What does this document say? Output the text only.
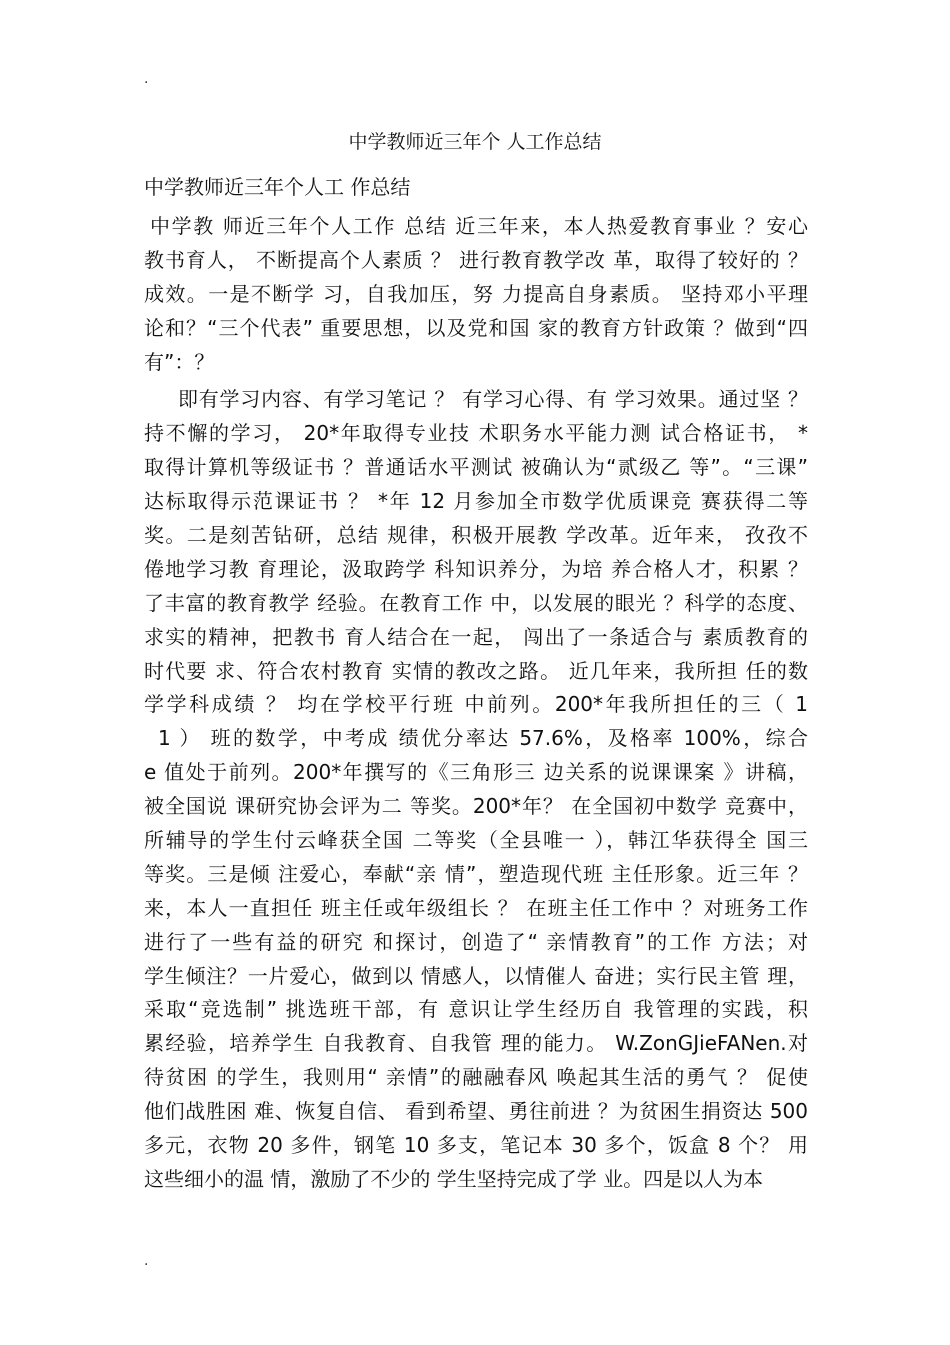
.
中学教师近三年个 人工作总结
中学教师近三年个人工 作总结
中学教 师近三年个人工作 总结 近三年来，本人热爱教育事业 ？安心
教书育人， 不断提高个人素质 ？ 进行教育教学改 革，取得了较好的 ？
成效。一是不断学 习，自我加压，努 力提高自身素质。 坚持邓小平理
论和？“三个代表” 重要思想，以及党和国 家的教育方针政策 ？做到“四
有”：？
即有学习内容、有学习笔记 ？ 有学习心得、有 学习效果。通过坚 ？
持不懈的学习， 20*年取得专业技 术职务水平能力测 试合格证书， *
取得计算机等级证书 ？普通话水平测试 被确认为“贰级乙 等”。“三课”
达标取得示范课证书 ？ *年 12 月参加全市数学优质课竞 赛获得二等
奖。二是刻苦钻研，总结 规律，积极开展教 学改革。近年来， 孜孜不
倦地学习教 育理论，汲取跨学 科知识养分，为培 养合格人才，积累 ？
了丰富的教育教学 经验。在教育工作 中，以发展的眼光 ？科学的态度、
求实的精神，把教书 育人结合在一起， 闯出了一条适合与 素质教育的
时代要 求、符合农村教育 实情的教改之路。 近几年来，我所担 任的数
学学科成绩 ？ 均在学校平行班 中前列。200*年我所担任的三（ 1
1 ） 班的数学，中考成 绩优分率达 57.6%，及格率 100%，综合
e 值处于前列。200*年撰写的《三角形三 边关系的说课课案 》讲稿，
被全国说 课研究协会评为二 等奖。200*年？ 在全国初中数学 竞赛中，
所辅导的学生付云峰获全国 二等奖（全县唯一 ），韩江华获得全 国三
等奖。三是倾 注爱心，奉献“亲 情”，塑造现代班 主任形象。近三年 ？
来，本人一直担任 班主任或年级组长 ？ 在班主任工作中 ？对班务工作
进行了一些有益的研究 和探讨，创造了“ 亲情教育”的工作 方法；对
学生倾注？一片爱心，做到以 情感人，以情催人 奋进；实行民主管 理，
采取“竞选制” 挑选班干部，有 意识让学生经历自 我管理的实践，积
累经验，培养学生 自我教育、自我管 理的能力。 W.ZonGJieFANen.对
待贫困 的学生，我则用“ 亲情”的融融春风 唤起其生活的勇气 ？ 促使
他们战胜困 难、恢复自信、 看到希望、勇往前进 ？为贫困生捐资达 500
多元，衣物 20 多件，钢笔 10 多支，笔记本 30 多个，饭盒 8 个？ 用
这些细小的温 情，激励了不少的 学生坚持完成了学 业。四是以人为本
.
